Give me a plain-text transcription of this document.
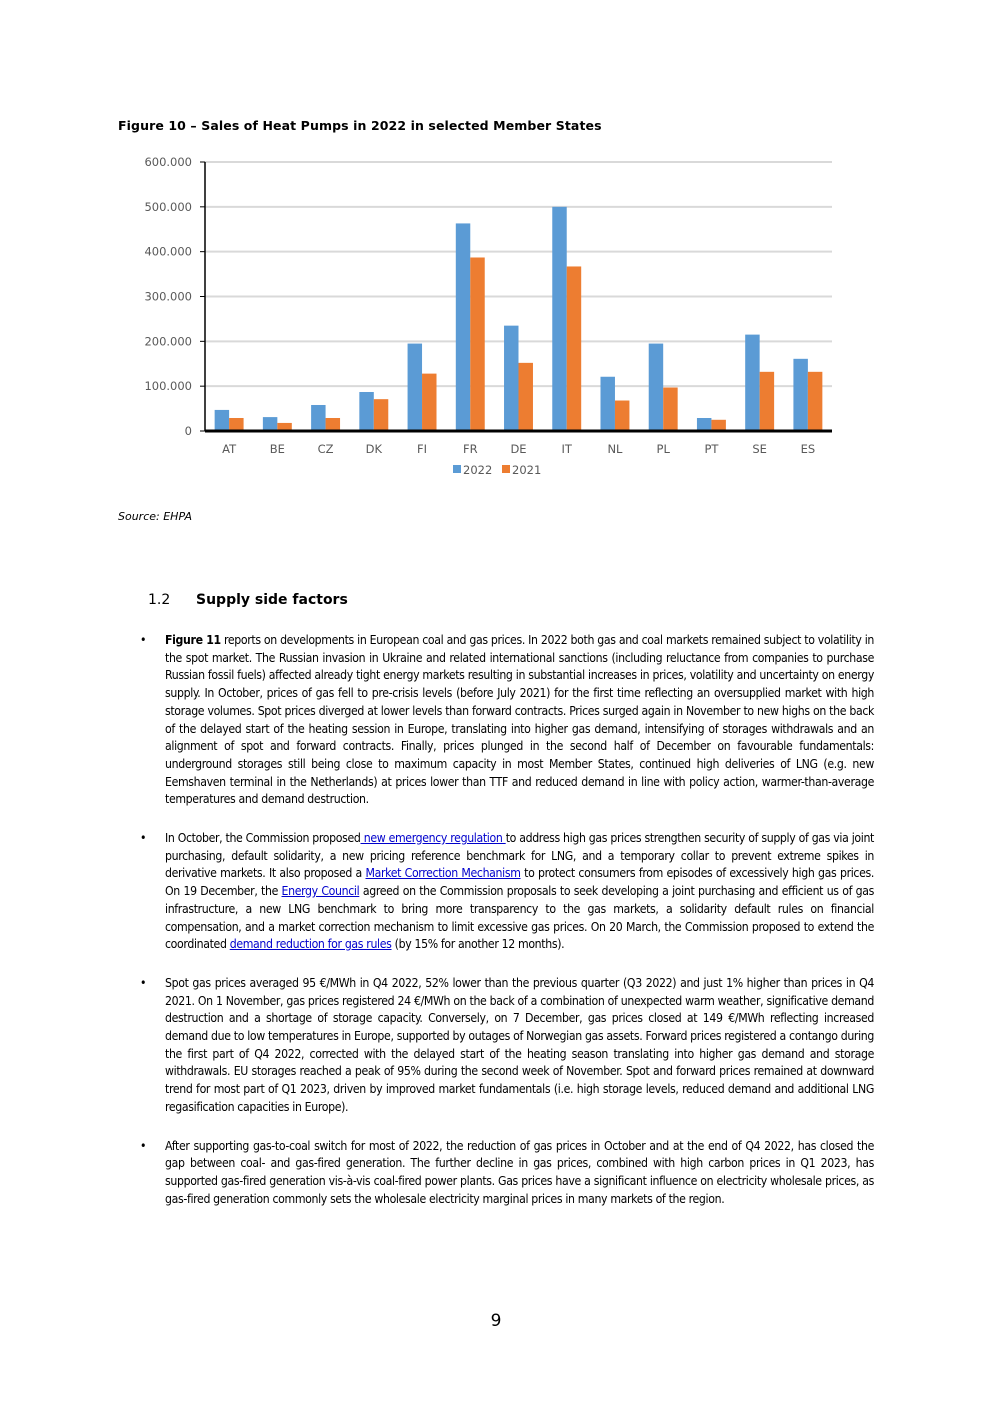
Figure 10 – Sales of Heat Pumps in 2022 in selected Member States
0
100.000
200.000
300.000
400.000
500.000
600.000
AT	BE	CZ	DK	FI	FR	DE	IT	NL	PL	PT	SE	ES
2022 2021
Source: EHPA
1.2 Supply side factors
• Figure 11 reports on developments in European coal and gas prices. In 2022 both gas and coal markets remained subject to volatility in the spot market. The Russian invasion in Ukraine and related international sanctions (including reluctance from companies to purchase Russian fossil fuels) affected already tight energy markets resulting in substantial increases in prices, volatility and uncertainty on energy supply. In October, prices of gas fell to pre-crisis levels (before July 2021) for the first time reflecting an oversupplied market with high storage volumes. Spot prices diverged at lower levels than forward contracts. Prices surged again in November to new highs on the back of the delayed start of the heating session in Europe, translating into higher gas demand, intensifying of storages withdrawals and an alignment of spot and forward contracts. Finally, prices plunged in the second half of December on favourable fundamentals: underground storages still being close to maximum capacity in most Member States, continued high deliveries of LNG (e.g. new Eemshaven terminal in the Netherlands) at prices lower than TTF and reduced demand in line with policy action, warmer-than-average temperatures and demand destruction.
• In October, the Commission proposed new emergency regulation to address high gas prices strengthen security of supply of gas via joint purchasing, default solidarity, a new pricing reference benchmark for LNG, and a temporary collar to prevent extreme spikes in derivative markets. It also proposed a Market Correction Mechanism to protect consumers from episodes of excessively high gas prices. On 19 December, the Energy Council agreed on the Commission proposals to seek developing a joint purchasing and efficient us of gas infrastructure, a new LNG benchmark to bring more transparency to the gas markets, a solidarity default rules on financial compensation, and a market correction mechanism to limit excessive gas prices. On 20 March, the Commission proposed to extend the coordinated demand reduction for gas rules (by 15% for another 12 months).
• Spot gas prices averaged 95 €/MWh in Q4 2022, 52% lower than the previous quarter (Q3 2022) and just 1% higher than prices in Q4 2021. On 1 November, gas prices registered 24 €/MWh on the back of a combination of unexpected warm weather, significative demand destruction and a shortage of storage capacity. Conversely, on 7 December, gas prices closed at 149 €/MWh reflecting increased demand due to low temperatures in Europe, supported by outages of Norwegian gas assets. Forward prices registered a contango during the first part of Q4 2022, corrected with the delayed start of the heating season translating into higher gas demand and storage withdrawals. EU storages reached a peak of 95% during the second week of November. Spot and forward prices remained at downward trend for most part of Q1 2023, driven by improved market fundamentals (i.e. high storage levels, reduced demand and additional LNG regasification capacities in Europe).
• After supporting gas-to-coal switch for most of 2022, the reduction of gas prices in October and at the end of Q4 2022, has closed the gap between coal- and gas-fired generation. The further decline in gas prices, combined with high carbon prices in Q1 2023, has supported gas-fired generation vis-à-vis coal-fired power plants. Gas prices have a significant influence on electricity wholesale prices, as gas-fired generation commonly sets the wholesale electricity marginal prices in many markets of the region.
9
